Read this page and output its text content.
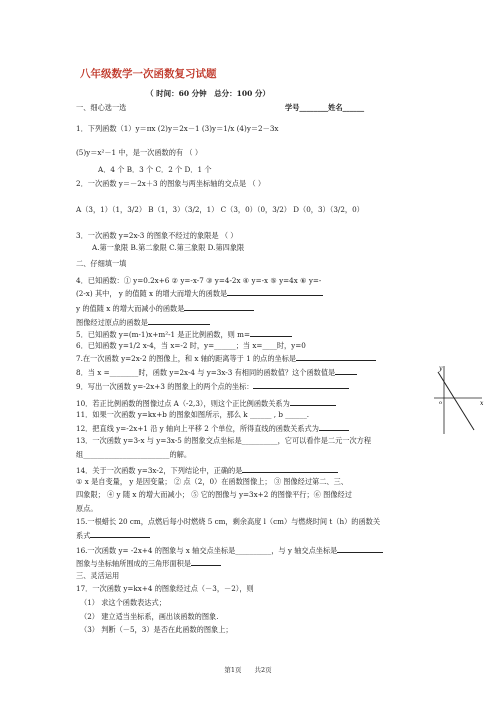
八年级数学一次函数复习试题
（ 时间：60 分钟　总分：100 分）
一、细心选一选	学号________姓名______
1．下列函数（1）y＝πx (2)y＝2x－1 (3)y＝1/x (4)y＝2－3x
(5)y＝x²－1 中，是一次函数的有 （ ）
A．4 个 B．3 个 C．2 个 D．1 个
2．一次函数 y＝－2x＋3 的图象与两坐标轴的交点是 （ ）
A（3，1）（1，3/2） B（1，3）（3/2，1） C（3，0）（0，3/2） D（0，3）（3/2，0）
3．一次函数 y=2x-3 的图象不经过的象限是 （ ）
A.第一象限 B.第二象限 C.第三象限 D.第四象限
二、仔细填一填
4．已知函数：① y=0.2x+6 ② y=-x-7 ③ y=4-2x ④ y=-x ⑤ y=4x ⑥ y=-
(2-x) 其中， y 的值随 x 的增大而增大的函数是
y 的值随 x 的增大而减小的函数是
图像经过原点的函数是
5．已知函数 y=(m-1)x+m²-1 是正比例函数，则 m=
6．已知函数 y=1/2 x-4，当 x=-2 时，y=______；当 x=____时，y=0
7.在一次函数 y=2x-2 的图像上，和 x 轴的距离等于 1 的点的坐标是
8．当 x =________时，函数 y=2x-4 与 y=3x-3 有相同的函数值？这个函数值是
9．写出一次函数 y=-2x+3 的图象上的两个点的坐标：
10．若正比例函数的图像过点 A（-2,3），则这个正比例函数关系为
11．如果一次函数 y=kx+b 的图象如图所示，那么 k ______ , b ______.
12．把直线 y=-2x+1 沿 y 轴向上平移 2 个单位，所得直线的函数关系式为
13．一次函数 y=3-x 与 y=3x-5 的图象交点坐标是__________，它可以看作是二元一次方程
组________________________的解。
14．关于一次函数 y=3x-2，下列结论中，正确的是
① x 是自变量， y 是因变量； ② 点（2，0）在函数图像上； ③ 图像经过第二、三、
四象限； ④ y 随 x 的增大而减小； ⑤ 它的图像与 y=3x+2 的图像平行；⑥ 图像经过
原点。
15.一根蜡长 20 cm，点燃后每小时燃烧 5 cm，剩余高度 l（cm）与燃烧时间 t（h）的函数关
系式
16.一次函数 y= -2x+4 的图象与 x 轴交点坐标是__________，与 y 轴交点坐标是
图象与坐标轴所围成的三角形面积是
三、灵活运用
17．一次函数 y=kx+4 的图象经过点（－3，－2），则
（1） 求这个函数表达式；
（2） 建立适当坐标系，画出该函数的图象.
（3） 判断（－5，3）是否在此函数的图象上；
y
x
o
第1页　　共2页
